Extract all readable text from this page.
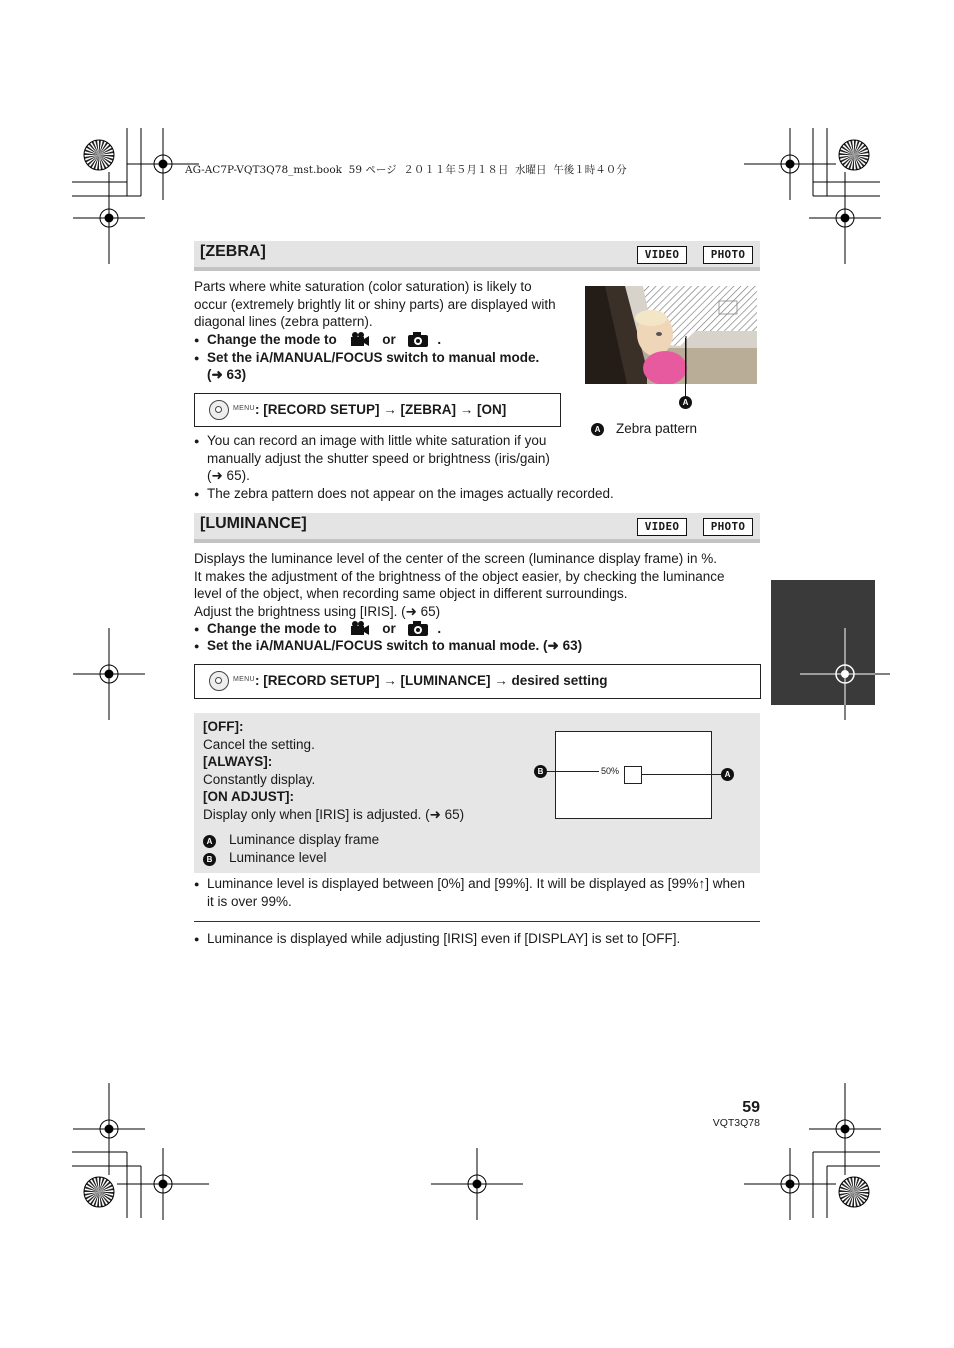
AG-AC7P-VQT3Q78_mst.book  59 ページ  ２０１１年５月１８日  水曜日  午後１時４０分
[ZEBRA]	VIDEO	PHOTO
Parts where white saturation (color saturation) is likely to
occur (extremely brightly lit or shiny parts) are displayed with
diagonal lines (zebra pattern).
● Change the mode to	or	.
● Set the iA/MANUAL/FOCUS switch to manual mode.
(➜ 63)
MENU : [RECORD SETUP] → [ZEBRA] → [ON]	A
A Zebra pattern
● You can record an image with little white saturation if you
manually adjust the shutter speed or brightness (iris/gain)
(➜ 65).
● The zebra pattern does not appear on the images actually recorded.
[LUMINANCE]	VIDEO	PHOTO
Displays the luminance level of the center of the screen (luminance display frame) in %.
It makes the adjustment of the brightness of the object easier, by checking the luminance
level of the object, when recording same object in different surroundings.
Adjust the brightness using [IRIS]. (➜ 65)
● Change the mode to	or	.
● Set the iA/MANUAL/FOCUS switch to manual mode. (➜ 63)
MENU : [RECORD SETUP] → [LUMINANCE] → desired setting
[OFF]:
Cancel the setting.
[ALWAYS]:
Constantly display.
[ON ADJUST]:
Display only when [IRIS] is adjusted. (➜ 65)
A Luminance display frame
B Luminance level
50%
B	A
● Luminance level is displayed between [0%] and [99%]. It will be displayed as [99%↑] when
it is over 99%.
● Luminance is displayed while adjusting [IRIS] even if [DISPLAY] is set to [OFF].
59
VQT3Q78
